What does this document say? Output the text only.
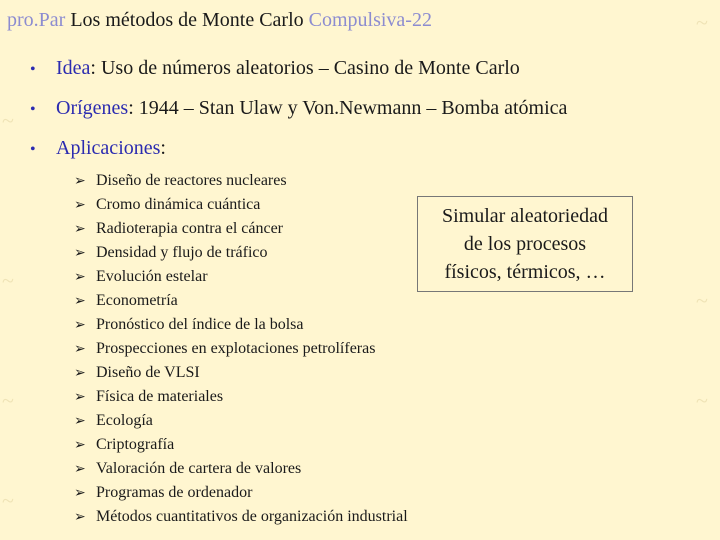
~
~
~
~
~
~
~
pro.Par Los métodos de Monte Carlo Compulsiva-22
• Idea: Uso de números aleatorios – Casino de Monte Carlo
• Orígenes: 1944 – Stan Ulaw y Von.Newmann – Bomba atómica
• Aplicaciones:
➢ Diseño de reactores nucleares
➢ Cromo dinámica cuántica
➢ Radioterapia contra el cáncer
➢ Densidad y flujo de tráfico
➢ Evolución estelar
➢ Econometría
➢ Pronóstico del índice de la bolsa
➢ Prospecciones en explotaciones petrolíferas
➢ Diseño de VLSI
➢ Física de materiales
➢ Ecología
➢ Criptografía
➢ Valoración de cartera de valores
➢ Programas de ordenador
➢ Métodos cuantitativos de organización industrial
Simular aleatoriedad
de los procesos
físicos, térmicos, …
